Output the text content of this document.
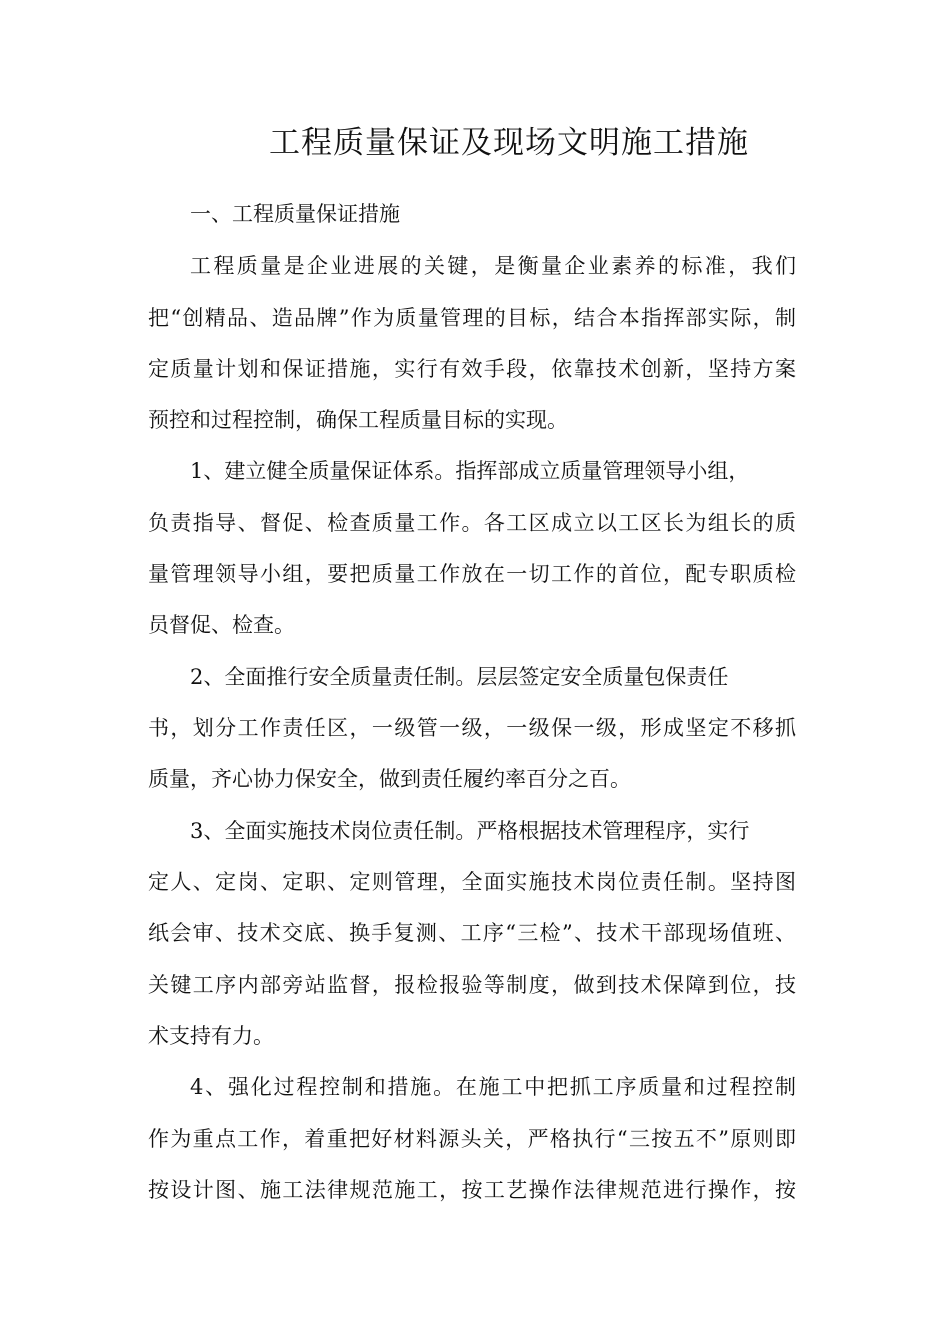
工程质量保证及现场文明施工措施
一、工程质量保证措施
工程质量是企业进展的关键，是衡量企业素养的标准，我们
把“创精品、造品牌”作为质量管理的目标，结合本指挥部实际，制
定质量计划和保证措施，实行有效手段，依靠技术创新，坚持方案
预控和过程控制，确保工程质量目标的实现。
1、建立健全质量保证体系。指挥部成立质量管理领导小组，
负责指导、督促、检查质量工作。各工区成立以工区长为组长的质
量管理领导小组，要把质量工作放在一切工作的首位，配专职质检
员督促、检查。
2、全面推行安全质量责任制。层层签定安全质量包保责任
书，划分工作责任区，一级管一级，一级保一级，形成坚定不移抓
质量，齐心协力保安全，做到责任履约率百分之百。
3、全面实施技术岗位责任制。严格根据技术管理程序，实行
定人、定岗、定职、定则管理，全面实施技术岗位责任制。坚持图
纸会审、技术交底、换手复测、工序“三检”、技术干部现场值班、
关键工序内部旁站监督，报检报验等制度，做到技术保障到位，技
术支持有力。
4、强化过程控制和措施。在施工中把抓工序质量和过程控制
作为重点工作，着重把好材料源头关，严格执行“三按五不”原则即
按设计图、施工法律规范施工，按工艺操作法律规范进行操作，按
